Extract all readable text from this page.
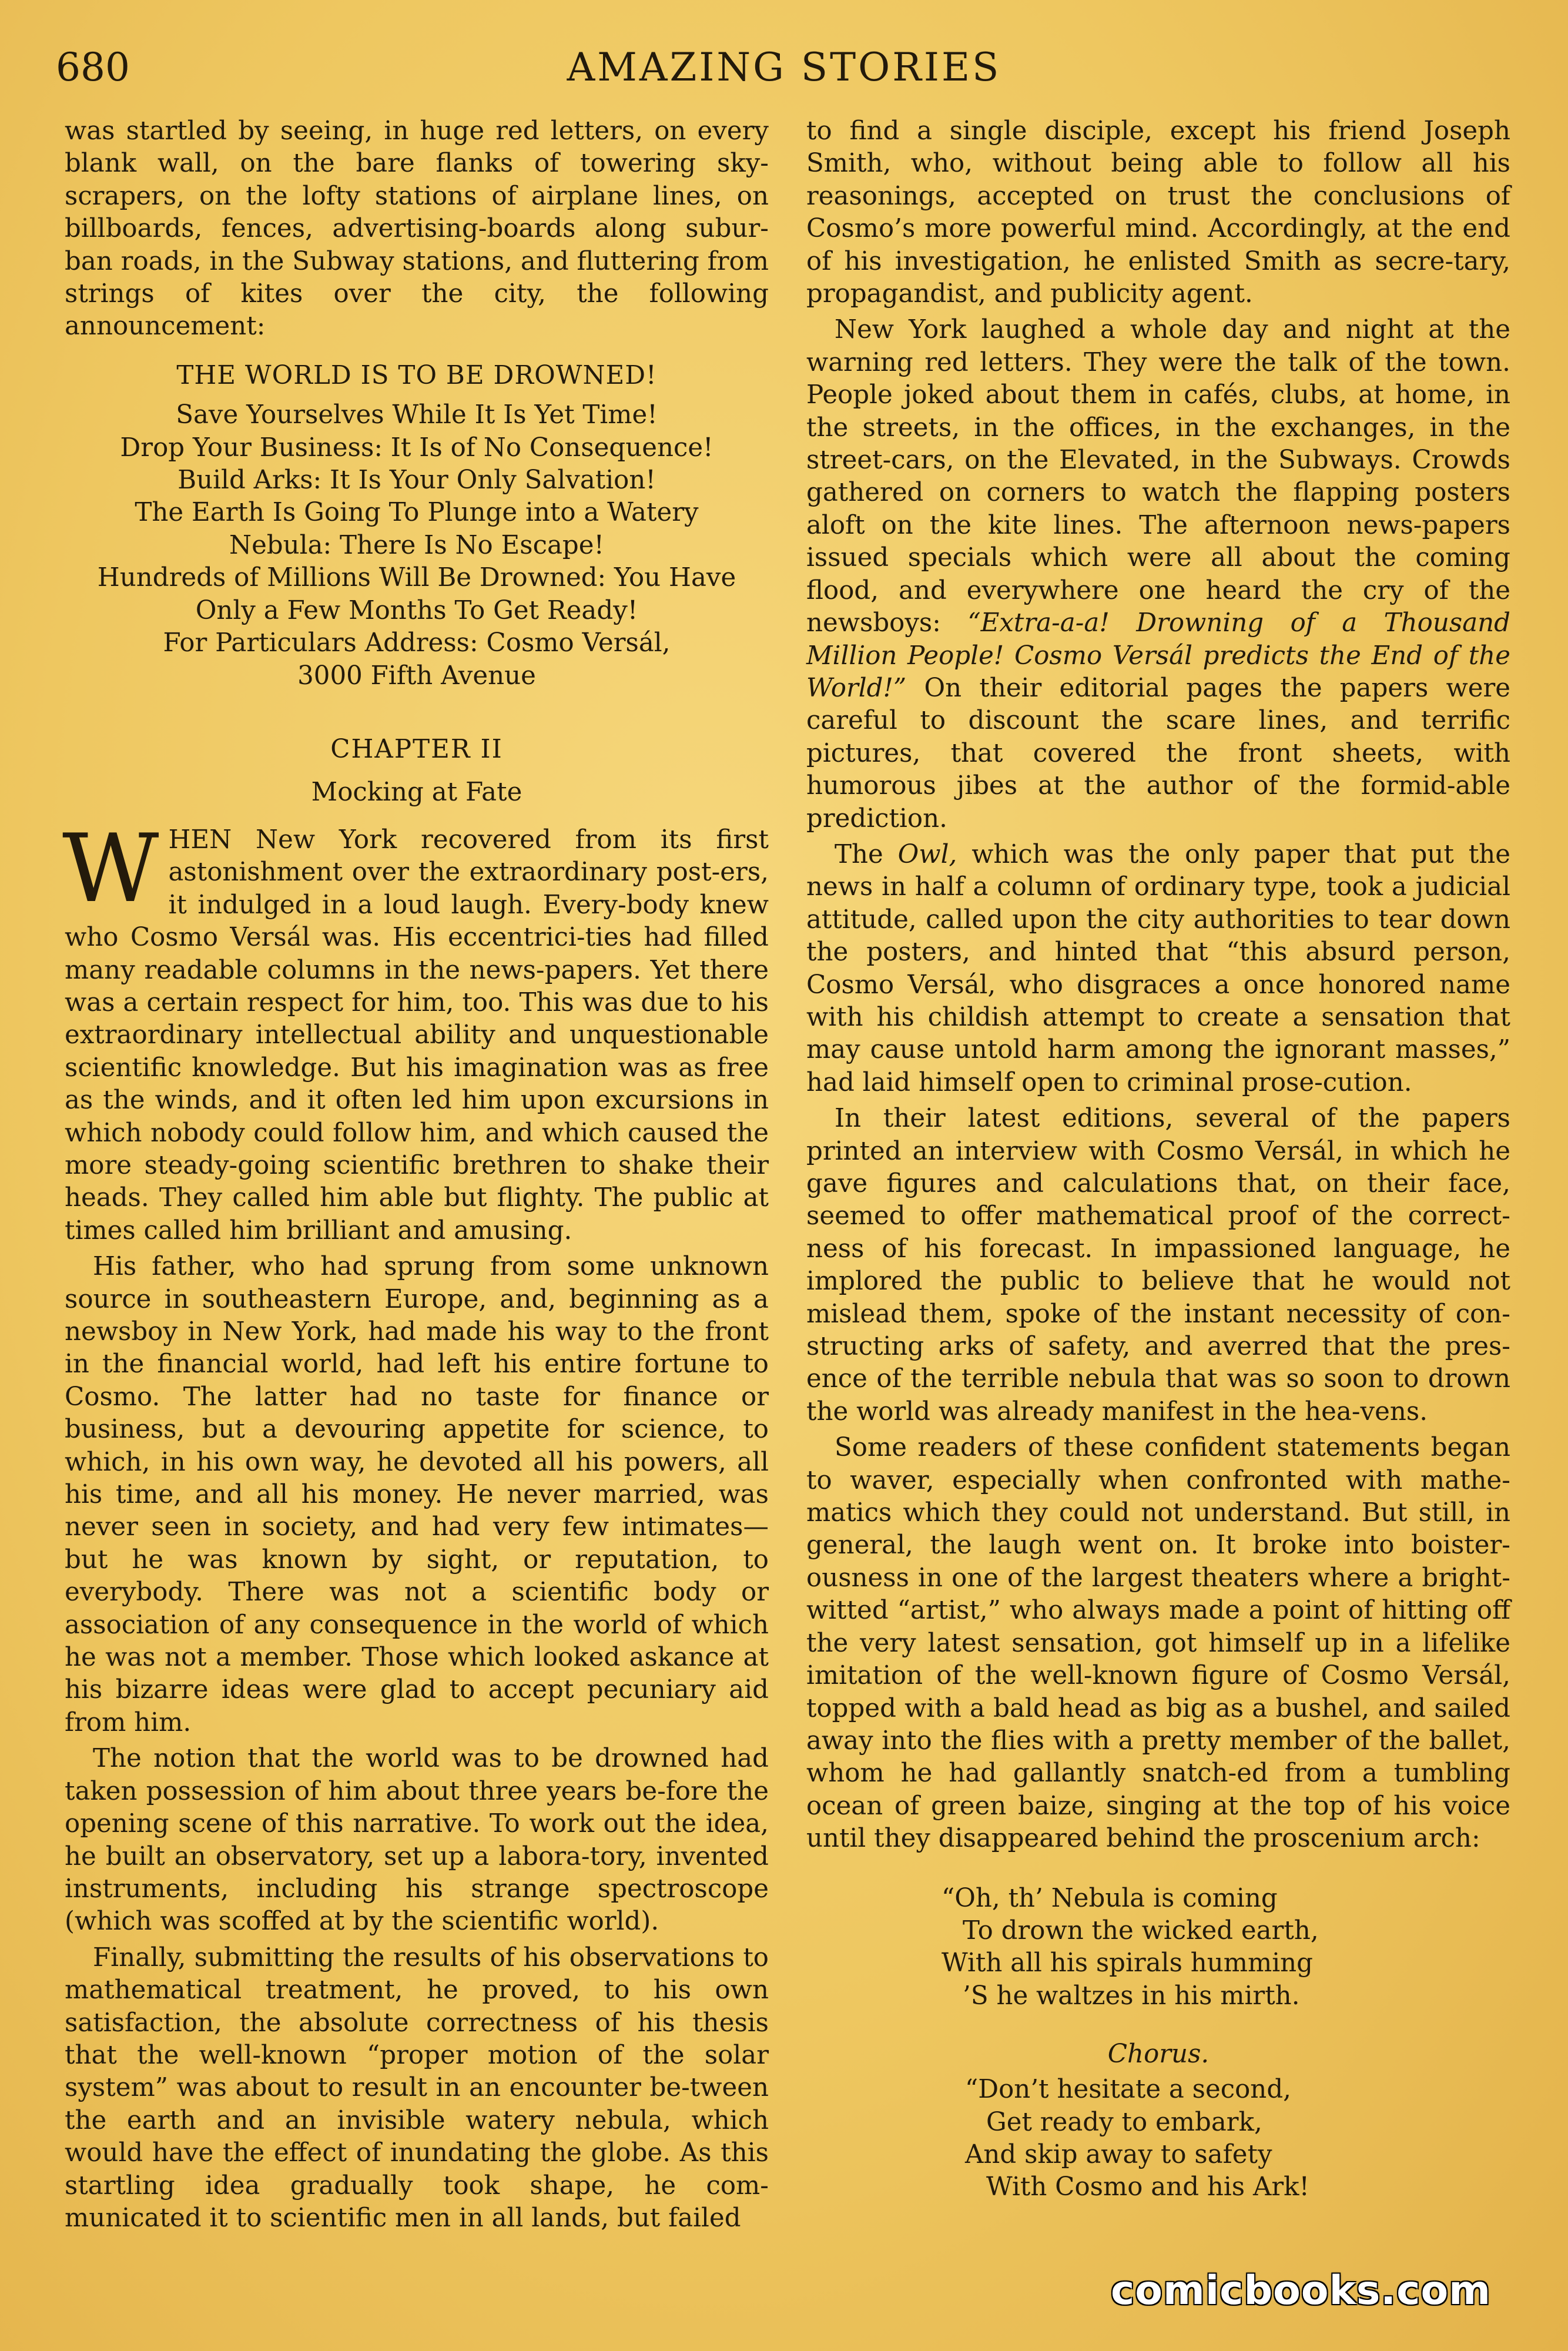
680	AMAZING STORIES

was startled by seeing, in huge red letters, on every blank wall, on the bare flanks of towering sky-scrapers, on the lofty stations of airplane lines, on billboards, fences, advertising-boards along subur-ban roads, in the Subway stations, and fluttering from strings of kites over the city, the following announcement:

THE WORLD IS TO BE DROWNED!
Save Yourselves While It Is Yet Time!
Drop Your Business: It Is of No Consequence!
Build Arks: It Is Your Only Salvation!
The Earth Is Going To Plunge into a Watery
Nebula: There Is No Escape!
Hundreds of Millions Will Be Drowned: You Have
Only a Few Months To Get Ready!
For Particulars Address: Cosmo Versál,
3000 Fifth Avenue
CHAPTER II
Mocking at Fate

WHEN New York recovered from its first astonishment over the extraordinary post-ers, it indulged in a loud laugh. Every-body knew who Cosmo Versál was. His eccentrici-ties had filled many readable columns in the news-papers. Yet there was a certain respect for him, too. This was due to his extraordinary intellectual ability and unquestionable scientific knowledge. But his imagination was as free as the winds, and it often led him upon excursions in which nobody could follow him, and which caused the more steady-going scientific brethren to shake their heads. They called him able but flighty. The public at times called him brilliant and amusing.

His father, who had sprung from some unknown source in southeastern Europe, and, beginning as a newsboy in New York, had made his way to the front in the financial world, had left his entire fortune to Cosmo. The latter had no taste for finance or business, but a devouring appetite for science, to which, in his own way, he devoted all his powers, all his time, and all his money. He never married, was never seen in society, and had very few intimates—but he was known by sight, or reputation, to everybody. There was not a scientific body or association of any consequence in the world of which he was not a member. Those which looked askance at his bizarre ideas were glad to accept pecuniary aid from him.

The notion that the world was to be drowned had taken possession of him about three years be-fore the opening scene of this narrative. To work out the idea, he built an observatory, set up a labora-tory, invented instruments, including his strange spectroscope (which was scoffed at by the scientific world).

Finally, submitting the results of his observations to mathematical treatment, he proved, to his own satisfaction, the absolute correctness of his thesis that the well-known “proper motion of the solar system” was about to result in an encounter be-tween the earth and an invisible watery nebula, which would have the effect of inundating the globe. As this startling idea gradually took shape, he com-municated it to scientific men in all lands, but failed

to find a single disciple, except his friend Joseph Smith, who, without being able to follow all his reasonings, accepted on trust the conclusions of Cosmo’s more powerful mind. Accordingly, at the end of his investigation, he enlisted Smith as secre-tary, propagandist, and publicity agent.

New York laughed a whole day and night at the warning red letters. They were the talk of the town. People joked about them in cafés, clubs, at home, in the streets, in the offices, in the exchanges, in the street-cars, on the Elevated, in the Subways. Crowds gathered on corners to watch the flapping posters aloft on the kite lines. The afternoon news-papers issued specials which were all about the coming flood, and everywhere one heard the cry of the newsboys: “Extra-a-a! Drowning of a Thousand Million People! Cosmo Versál predicts the End of the World!” On their editorial pages the papers were careful to discount the scare lines, and terrific pictures, that covered the front sheets, with humorous jibes at the author of the formid-able prediction.

The Owl, which was the only paper that put the news in half a column of ordinary type, took a judicial attitude, called upon the city authorities to tear down the posters, and hinted that “this absurd person, Cosmo Versál, who disgraces a once honored name with his childish attempt to create a sensation that may cause untold harm among the ignorant masses,” had laid himself open to criminal prose-cution.

In their latest editions, several of the papers printed an interview with Cosmo Versál, in which he gave figures and calculations that, on their face, seemed to offer mathematical proof of the correct-ness of his forecast. In impassioned language, he implored the public to believe that he would not mislead them, spoke of the instant necessity of con-structing arks of safety, and averred that the pres-ence of the terrible nebula that was so soon to drown the world was already manifest in the hea-vens.

Some readers of these confident statements began to waver, especially when confronted with mathe-matics which they could not understand. But still, in general, the laugh went on. It broke into boister-ousness in one of the largest theaters where a bright-witted “artist,” who always made a point of hitting off the very latest sensation, got himself up in a lifelike imitation of the well-known figure of Cosmo Versál, topped with a bald head as big as a bushel, and sailed away into the flies with a pretty member of the ballet, whom he had gallantly snatch-ed from a tumbling ocean of green baize, singing at the top of his voice until they disappeared behind the proscenium arch:

“Oh, th’ Nebula is coming
To drown the wicked earth,
With all his spirals humming
’S he waltzes in his mirth.
Chorus.
“Don’t hesitate a second,
Get ready to embark,
And skip away to safety
With Cosmo and his Ark!
comicbooks.com
